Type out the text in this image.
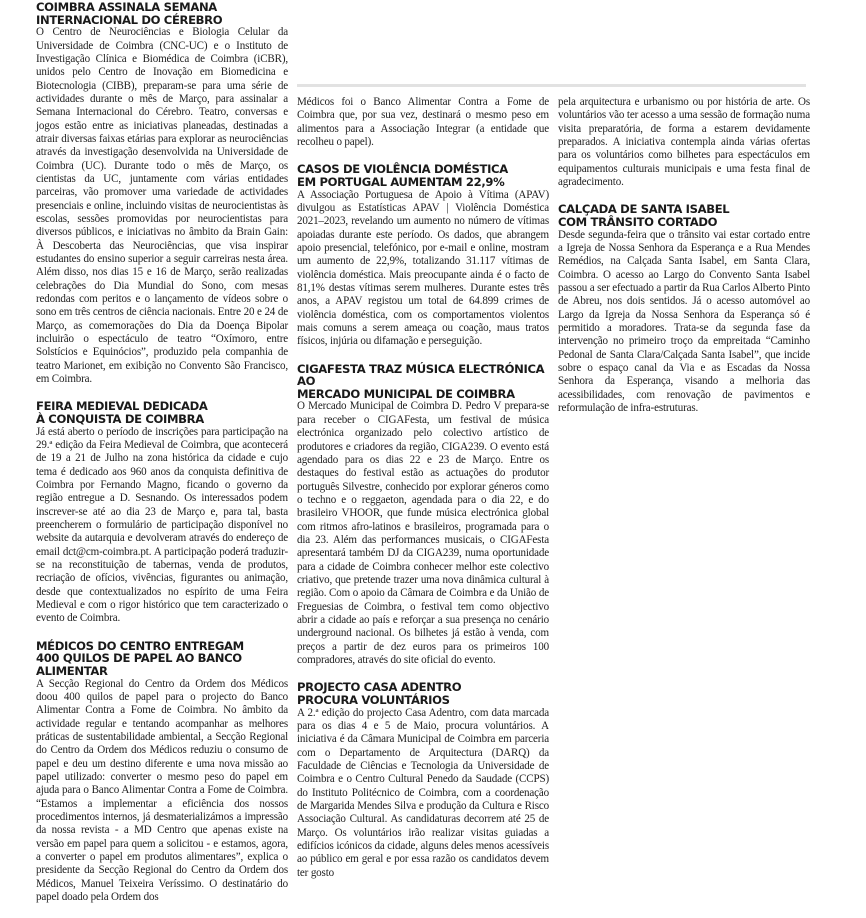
COIMBRA ASSINALA SEMANA
INTERNACIONAL DO CÉREBRO

O Centro de Neurociências e Biologia Celular da Universidade de Coimbra (CNC-UC) e o Instituto de Investigação Clínica e Biomédica de Coimbra (iCBR), unidos pelo Centro de Inovação em Biomedicina e Biotecnologia (CIBB), preparam-se para uma série de actividades durante o mês de Março, para assinalar a Semana Internacional do Cérebro. Teatro, conversas e jogos estão entre as iniciativas planeadas, destinadas a atrair diversas faixas etárias para explorar as neurociências através da investigação desenvolvida na Universidade de Coimbra (UC). Durante todo o mês de Março, os cientistas da UC, juntamente com várias entidades parceiras, vão promover uma variedade de actividades presenciais e online, incluindo visitas de neurocientistas às escolas, sessões promovidas por neurocientistas para diversos públicos, e iniciativas no âmbito da Brain Gain: À Descoberta das Neurociências, que visa inspirar estudantes do ensino superior a seguir carreiras nesta área. Além disso, nos dias 15 e 16 de Março, serão realizadas celebrações do Dia Mundial do Sono, com mesas redondas com peritos e o lançamento de vídeos sobre o sono em três centros de ciência nacionais. Entre 20 e 24 de Março, as comemorações do Dia da Doença Bipolar incluirão o espectáculo de teatro “Oxímoro, entre Solstícios e Equinócios”, produzido pela companhia de teatro Marionet, em exibição no Convento São Francisco, em Coimbra.

FEIRA MEDIEVAL DEDICADA
À CONQUISTA DE COIMBRA

Já está aberto o período de inscrições para participação na 29.ª edição da Feira Medieval de Coimbra, que acontecerá de 19 a 21 de Julho na zona histórica da cidade e cujo tema é dedicado aos 960 anos da conquista definitiva de Coimbra por Fernando Magno, ficando o governo da região entregue a D. Sesnando. Os interessados podem inscrever-se até ao dia 23 de Março e, para tal, basta preencherem o formulário de participação disponível no website da autarquia e devolveram através do endereço de email dct@cm-coimbra.pt. A participação poderá traduzir-se na reconstituição de tabernas, venda de produtos, recriação de ofícios, vivências, figurantes ou animação, desde que contextualizados no espírito de uma Feira Medieval e com o rigor histórico que tem caracterizado o evento de Coimbra.

MÉDICOS DO CENTRO ENTREGAM
400 QUILOS DE PAPEL AO BANCO ALIMENTAR

A Secção Regional do Centro da Ordem dos Médicos doou 400 quilos de papel para o projecto do Banco Alimentar Contra a Fome de Coimbra. No âmbito da actividade regular e tentando acompanhar as melhores práticas de sustentabilidade ambiental, a Secção Regional do Centro da Ordem dos Médicos reduziu o consumo de papel e deu um destino diferente e uma nova missão ao papel utilizado: converter o mesmo peso do papel em ajuda para o Banco Alimentar Contra a Fome de Coimbra. “Estamos a implementar a eficiência dos nossos procedimentos internos, já desmaterializámos a impressão da nossa revista - a MD Centro que apenas existe na versão em papel para quem a solicitou - e estamos, agora, a converter o papel em produtos alimentares”, explica o presidente da Secção Regional do Centro da Ordem dos Médicos, Manuel Teixeira Veríssimo. O destinatário do papel doado pela Ordem dos

Médicos foi o Banco Alimentar Contra a Fome de Coimbra que, por sua vez, destinará o mesmo peso em alimentos para a Associação Integrar (a entidade que recolheu o papel).

CASOS DE VIOLÊNCIA DOMÉSTICA
EM PORTUGAL AUMENTAM 22,9%

A Associação Portuguesa de Apoio à Vítima (APAV) divulgou as Estatísticas APAV | Violência Doméstica 2021–2023, revelando um aumento no número de vítimas apoiadas durante este período. Os dados, que abrangem apoio presencial, telefónico, por e-mail e online, mostram um aumento de 22,9%, totalizando 31.117 vítimas de violência doméstica. Mais preocupante ainda é o facto de 81,1% destas vítimas serem mulheres. Durante estes três anos, a APAV registou um total de 64.899 crimes de violência doméstica, com os comportamentos violentos mais comuns a serem ameaça ou coação, maus tratos físicos, injúria ou difamação e perseguição.

CIGAFESTA TRAZ MÚSICA ELECTRÓNICA AO
MERCADO MUNICIPAL DE COIMBRA

O Mercado Municipal de Coimbra D. Pedro V prepara-se para receber o CIGAFesta, um festival de música electrónica organizado pelo colectivo artístico de produtores e criadores da região, CIGA239. O evento está agendado para os dias 22 e 23 de Março. Entre os destaques do festival estão as actuações do produtor português Silvestre, conhecido por explorar géneros como o techno e o reggaeton, agendada para o dia 22, e do brasileiro VHOOR, que funde música electrónica global com ritmos afro-latinos e brasileiros, programada para o dia 23. Além das performances musicais, o CIGAFesta apresentará também DJ da CIGA239, numa oportunidade para a cidade de Coimbra conhecer melhor este colectivo criativo, que pretende trazer uma nova dinâmica cultural à região. Com o apoio da Câmara de Coimbra e da União de Freguesias de Coimbra, o festival tem como objectivo abrir a cidade ao país e reforçar a sua presença no cenário underground nacional. Os bilhetes já estão à venda, com preços a partir de dez euros para os primeiros 100 compradores, através do site oficial do evento.

PROJECTO CASA ADENTRO
PROCURA VOLUNTÁRIOS

A 2.ª edição do projecto Casa Adentro, com data marcada para os dias 4 e 5 de Maio, procura voluntários. A iniciativa é da Câmara Municipal de Coimbra em parceria com o Departamento de Arquitectura (DARQ) da Faculdade de Ciências e Tecnologia da Universidade de Coimbra e o Centro Cultural Penedo da Saudade (CCPS) do Instituto Politécnico de Coimbra, com a coordenação de Margarida Mendes Silva e produção da Cultura e Risco Associação Cultural. As candidaturas decorrem até 25 de Março. Os voluntários irão realizar visitas guiadas a edifícios icónicos da cidade, alguns deles menos acessíveis ao público em geral e por essa razão os candidatos devem ter gosto

pela arquitectura e urbanismo ou por história de arte. Os voluntários vão ter acesso a uma sessão de formação numa visita preparatória, de forma a estarem devidamente preparados. A iniciativa contempla ainda várias ofertas para os voluntários como bilhetes para espectáculos em equipamentos culturais municipais e uma festa final de agradecimento.

CALÇADA DE SANTA ISABEL
COM TRÂNSITO CORTADO

Desde segunda-feira que o trânsito vai estar cortado entre a Igreja de Nossa Senhora da Esperança e a Rua Mendes Remédios, na Calçada Santa Isabel, em Santa Clara, Coimbra. O acesso ao Largo do Convento Santa Isabel passou a ser efectuado a partir da Rua Carlos Alberto Pinto de Abreu, nos dois sentidos. Já o acesso automóvel ao Largo da Igreja da Nossa Senhora da Esperança só é permitido a moradores. Trata-se da segunda fase da intervenção no primeiro troço da empreitada “Caminho Pedonal de Santa Clara/Calçada Santa Isabel”, que incide sobre o espaço canal da Via e as Escadas da Nossa Senhora da Esperança, visando a melhoria das acessibilidades, com renovação de pavimentos e reformulação de infra-estruturas.
